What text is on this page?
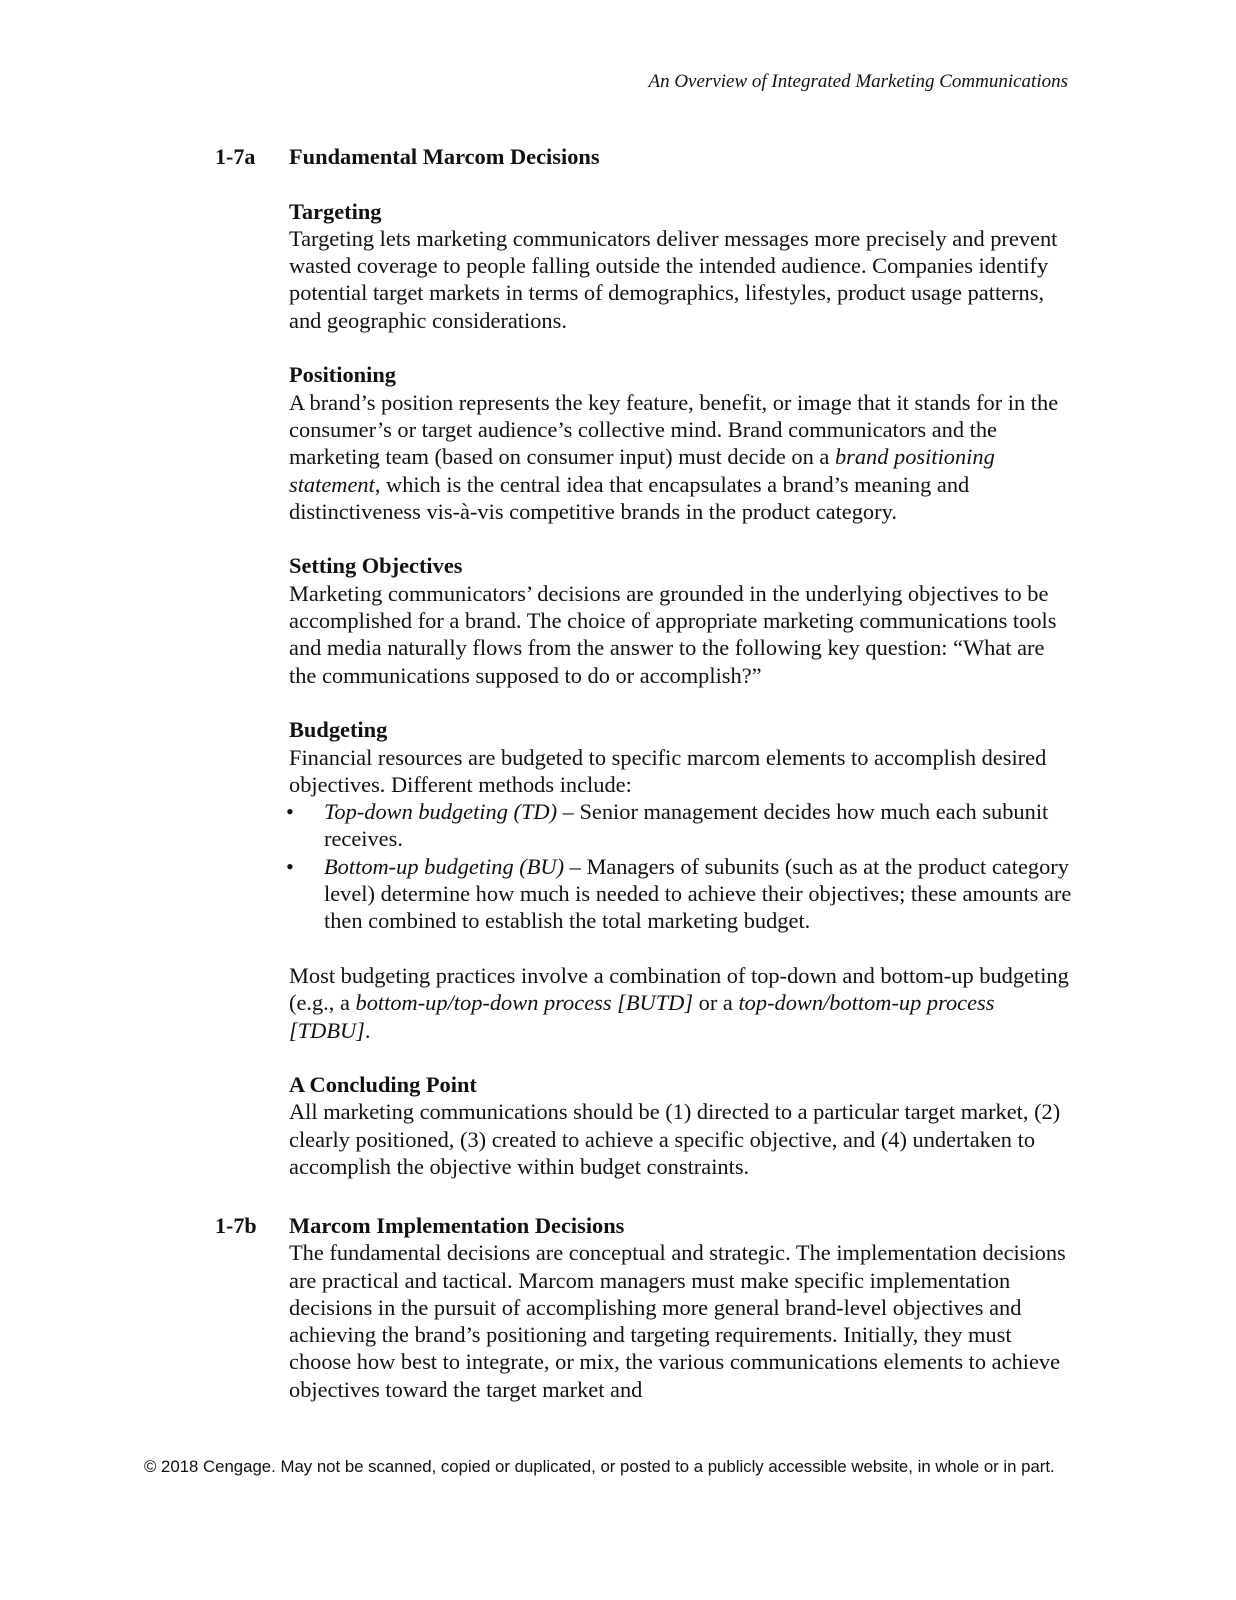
An Overview of Integrated Marketing Communications
1-7a Fundamental Marcom Decisions

Targeting

Targeting lets marketing communicators deliver messages more precisely and prevent wasted coverage to people falling outside the intended audience. Companies identify potential target markets in terms of demographics, lifestyles, product usage patterns, and geographic considerations.

Positioning

A brand’s position represents the key feature, benefit, or image that it stands for in the consumer’s or target audience’s collective mind. Brand communicators and the marketing team (based on consumer input) must decide on a brand positioning statement, which is the central idea that encapsulates a brand’s meaning and distinctiveness vis-à-vis competitive brands in the product category.

Setting Objectives

Marketing communicators’ decisions are grounded in the underlying objectives to be accomplished for a brand. The choice of appropriate marketing communications tools and media naturally flows from the answer to the following key question: “What are the communications supposed to do or accomplish?”

Budgeting

Financial resources are budgeted to specific marcom elements to accomplish desired objectives. Different methods include:

• Top-down budgeting (TD) – Senior management decides how much each subunit receives.
• Bottom-up budgeting (BU) – Managers of subunits (such as at the product category level) determine how much is needed to achieve their objectives; these amounts are then combined to establish the total marketing budget.

Most budgeting practices involve a combination of top-down and bottom-up budgeting (e.g., a bottom-up/top-down process [BUTD] or a top-down/bottom-up process [TDBU].

A Concluding Point

All marketing communications should be (1) directed to a particular target market, (2) clearly positioned, (3) created to achieve a specific objective, and (4) undertaken to accomplish the objective within budget constraints.

1-7b Marcom Implementation Decisions

The fundamental decisions are conceptual and strategic. The implementation decisions are practical and tactical. Marcom managers must make specific implementation decisions in the pursuit of accomplishing more general brand-level objectives and achieving the brand’s positioning and targeting requirements. Initially, they must choose how best to integrate, or mix, the various communications elements to achieve objectives toward the target market and

© 2018 Cengage. May not be scanned, copied or duplicated, or posted to a publicly accessible website, in whole or in part.
